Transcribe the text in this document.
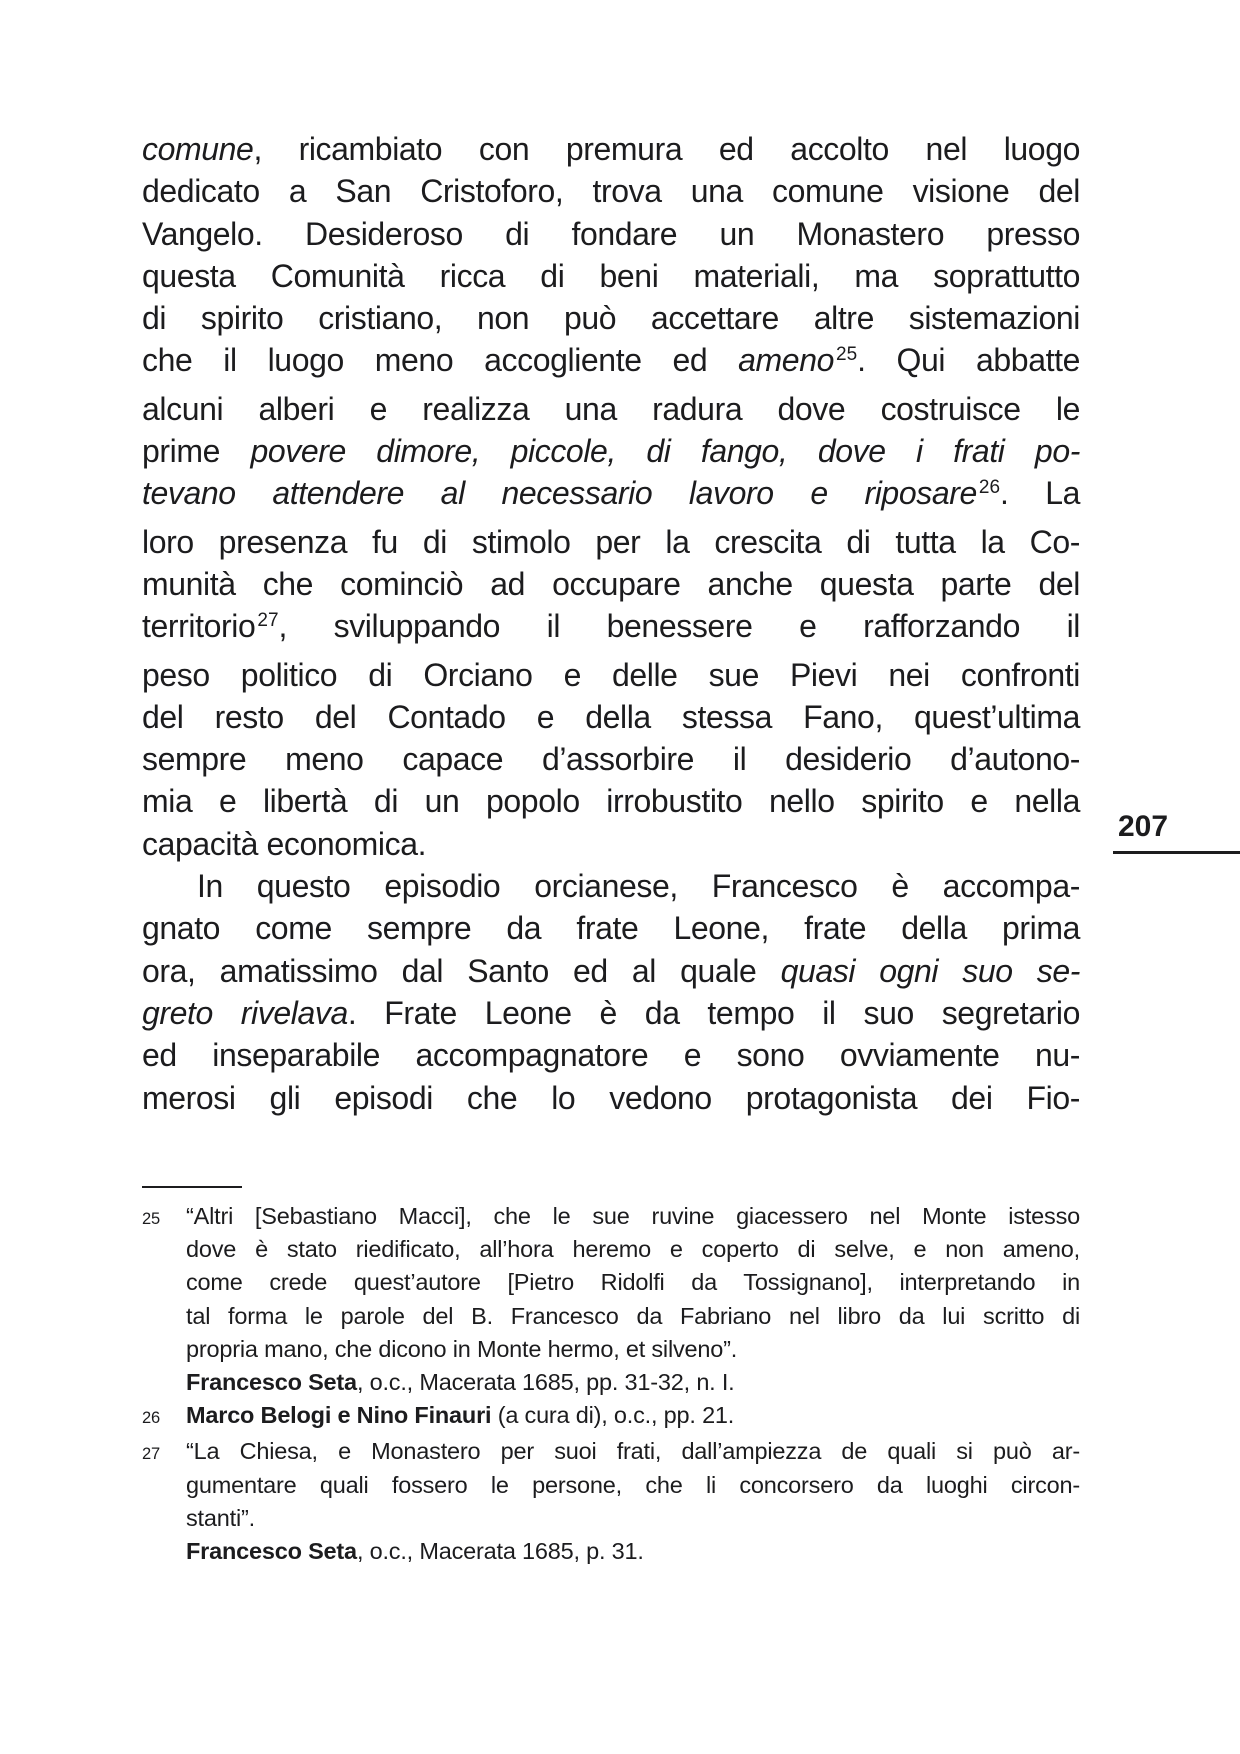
comune, ricambiato con premura ed accolto nel luogo
dedicato a San Cristoforo, trova una comune visione del
Vangelo. Desideroso di fondare un Monastero presso
questa Comunità ricca di beni materiali, ma soprattutto
di spirito cristiano, non può accettare altre sistemazioni
che il luogo meno accogliente ed ameno $^{25}$. Qui abbatte
alcuni alberi e realizza una radura dove costruisce le
prime povere dimore, piccole, di fango, dove i frati po-
tevano attendere al necessario lavoro e riposare $^{26}$. La
loro presenza fu di stimolo per la crescita di tutta la Co-
munità che cominciò ad occupare anche questa parte del
territorio $^{27}$, sviluppando il benessere e rafforzando il
peso politico di Orciano e delle sue Pievi nei confronti
del resto del Contado e della stessa Fano, quest’ultima
sempre meno capace d’assorbire il desiderio d’autono-
mia e libertà di un popolo irrobustito nello spirito e nella
capacità economica.
In questo episodio orcianese, Francesco è accompa-
gnato come sempre da frate Leone, frate della prima
ora, amatissimo dal Santo ed al quale quasi ogni suo se-
greto rivelava. Frate Leone è da tempo il suo segretario
ed inseparabile accompagnatore e sono ovviamente nu-
merosi gli episodi che lo vedono protagonista dei Fio-
207
25	“Altri [Sebastiano Macci], che le sue ruvine giacessero nel Monte istesso
dove è stato riedificato, all’hora heremo e coperto di selve, e non ameno,
come crede quest’autore [Pietro Ridolfi da Tossignano], interpretando in
tal forma le parole del B. Francesco da Fabriano nel libro da lui scritto di
propria mano, che dicono in Monte hermo, et silveno”.
Francesco Seta, o.c., Macerata 1685, pp. 31-32, n. I.
26	Marco Belogi e Nino Finauri (a cura di), o.c., pp. 21.
27	“La Chiesa, e Monastero per suoi frati, dall’ampiezza de quali si può ar-
gumentare quali fossero le persone, che li concorsero da luoghi circon-
stanti”.
Francesco Seta, o.c., Macerata 1685, p. 31.
